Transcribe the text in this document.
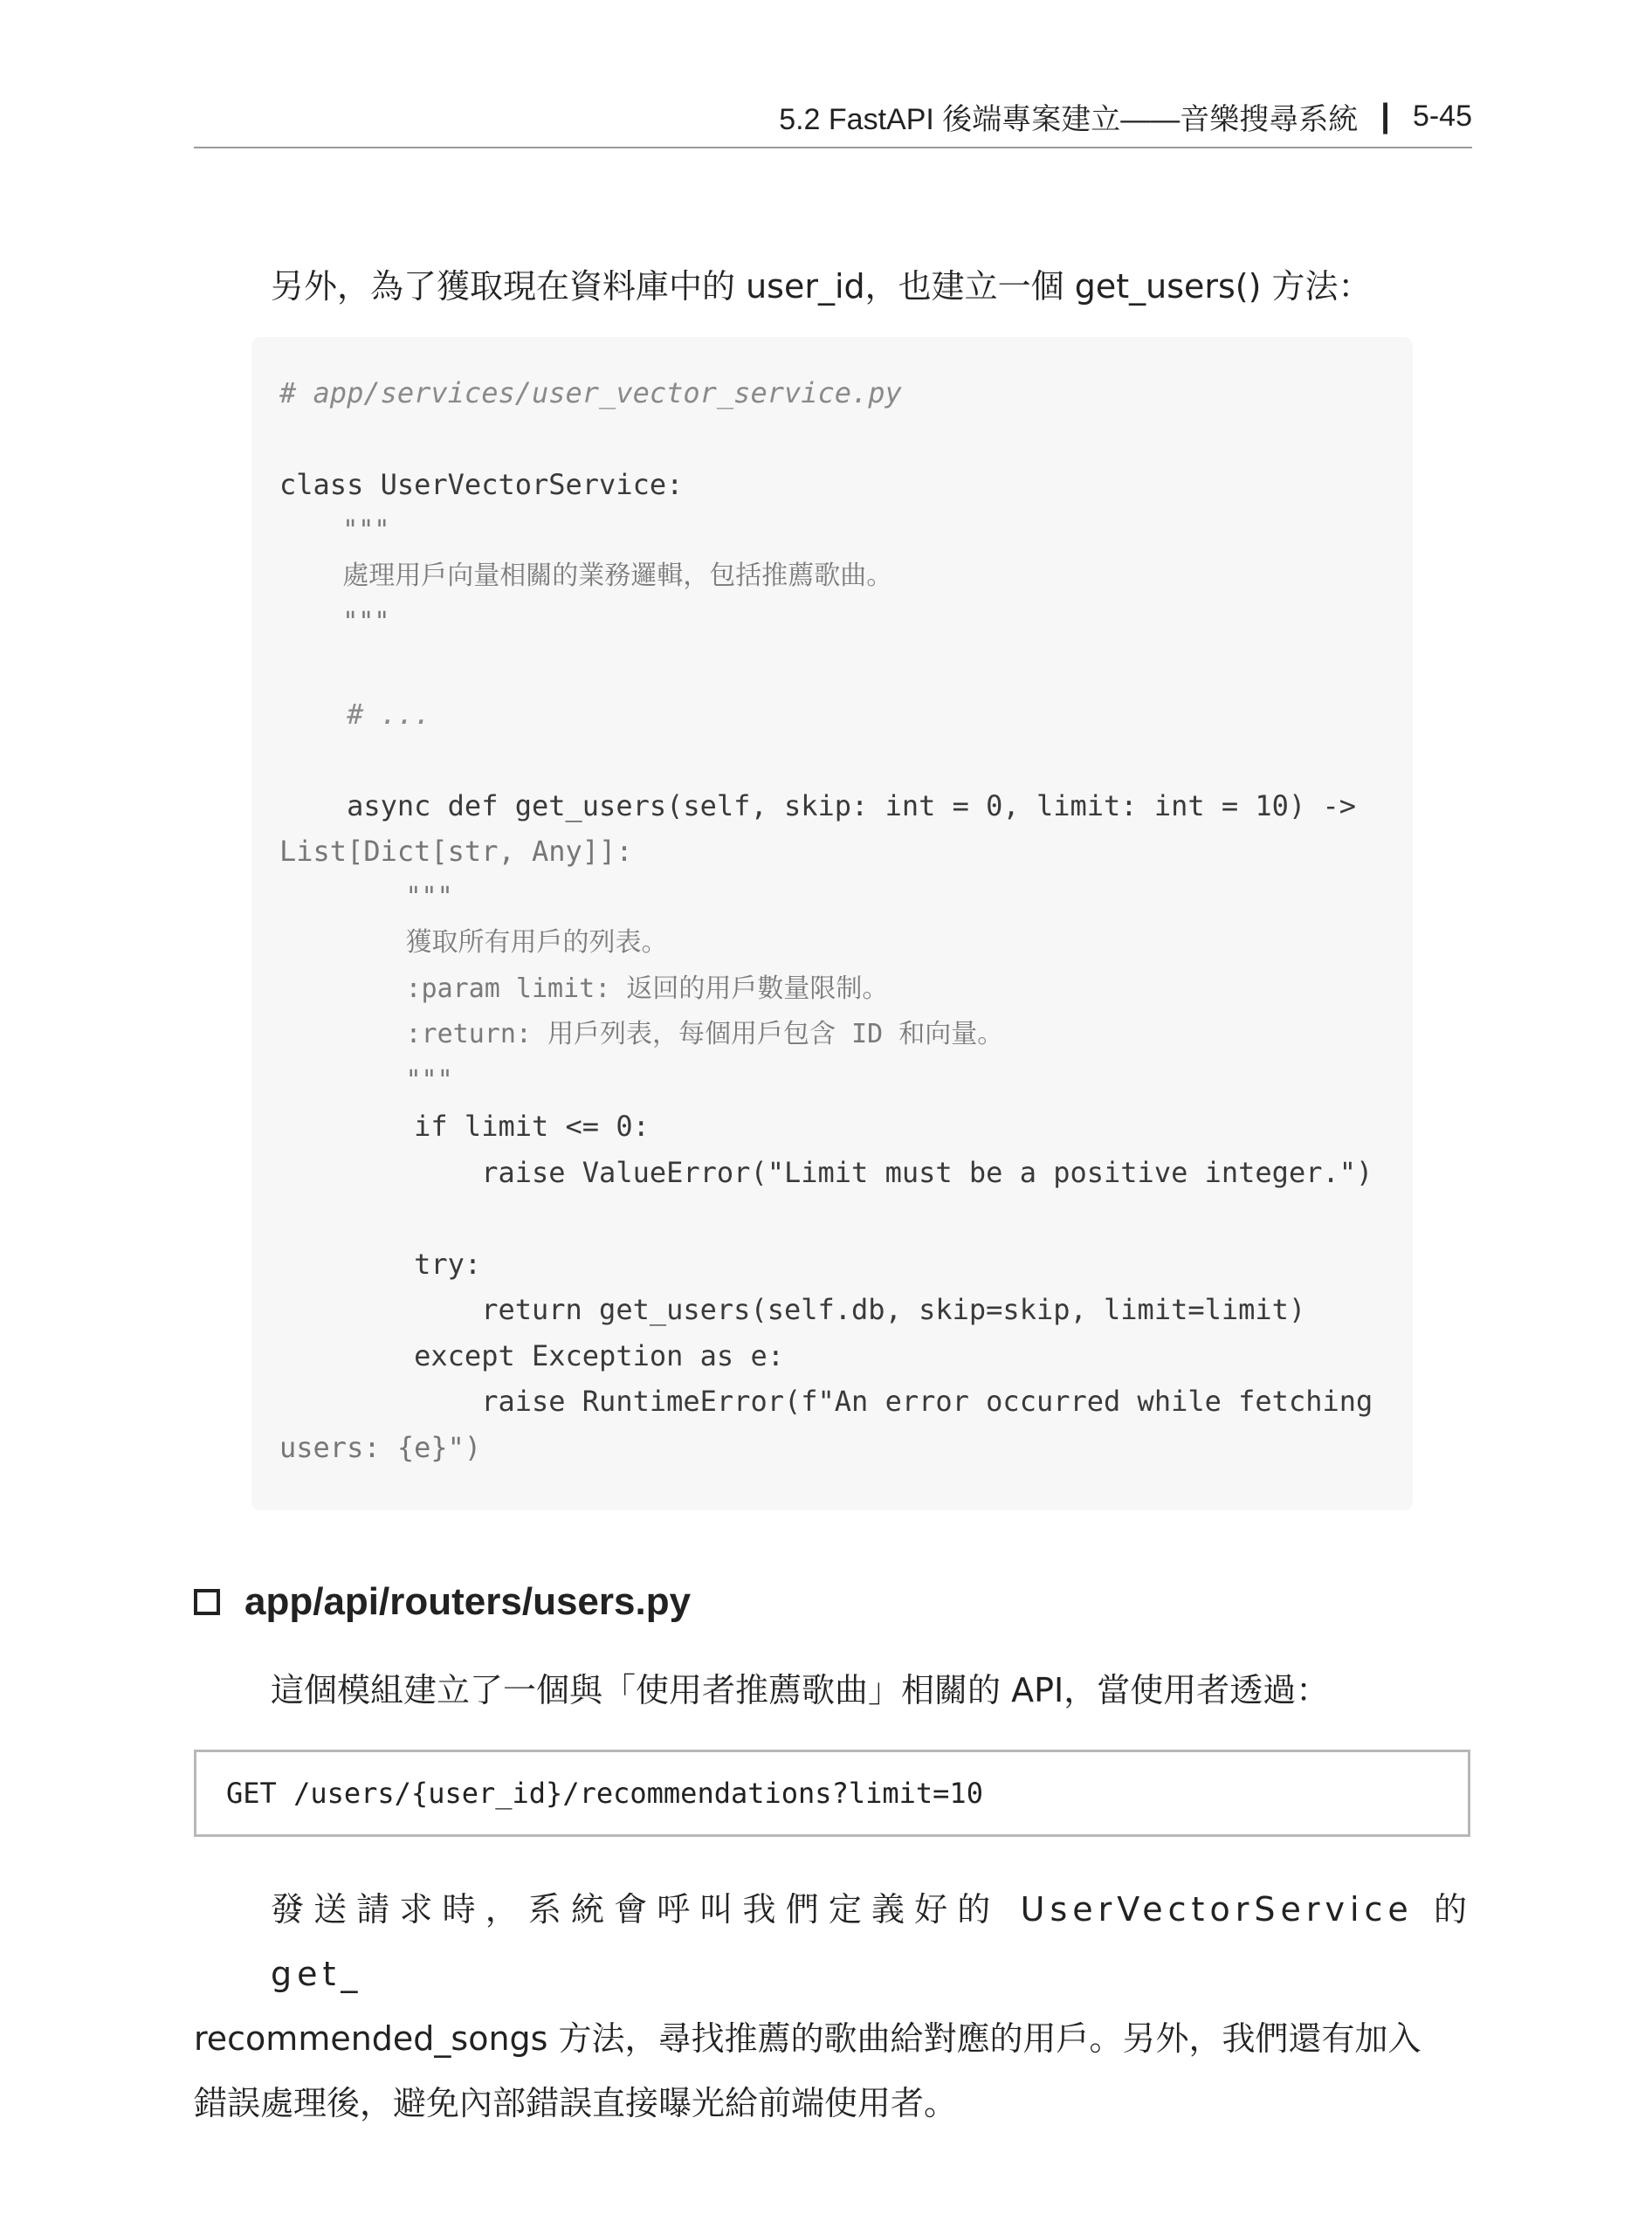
5.2 FastAPI 後端專案建立——音樂搜尋系統 | 5-45
另外，為了獲取現在資料庫中的 user_id，也建立一個 get_users() 方法：
# app/services/user_vector_service.py
class UserVectorService:
"""
處理用戶向量相關的業務邏輯，包括推薦歌曲。
"""
# ...
async def get_users(self, skip: int = 0, limit: int = 10) ->
List[Dict[str, Any]]:
"""
獲取所有用戶的列表。
:param limit: 返回的用戶數量限制。
:return: 用戶列表，每個用戶包含 ID 和向量。
"""
if limit <= 0:
raise ValueError("Limit must be a positive integer.")
try:
return get_users(self.db, skip=skip, limit=limit)
except Exception as e:
raise RuntimeError(f"An error occurred while fetching
users: {e}")
app/api/routers/users.py
這個模組建立了一個與「使用者推薦歌曲」相關的 API，當使用者透過：
GET /users/{user_id}/recommendations?limit=10
發送請求時，系統會呼叫我們定義好的 UserVectorService 的 get_
recommended_songs 方法，尋找推薦的歌曲給對應的用戶。另外，我們還有加入
錯誤處理後，避免內部錯誤直接曝光給前端使用者。
